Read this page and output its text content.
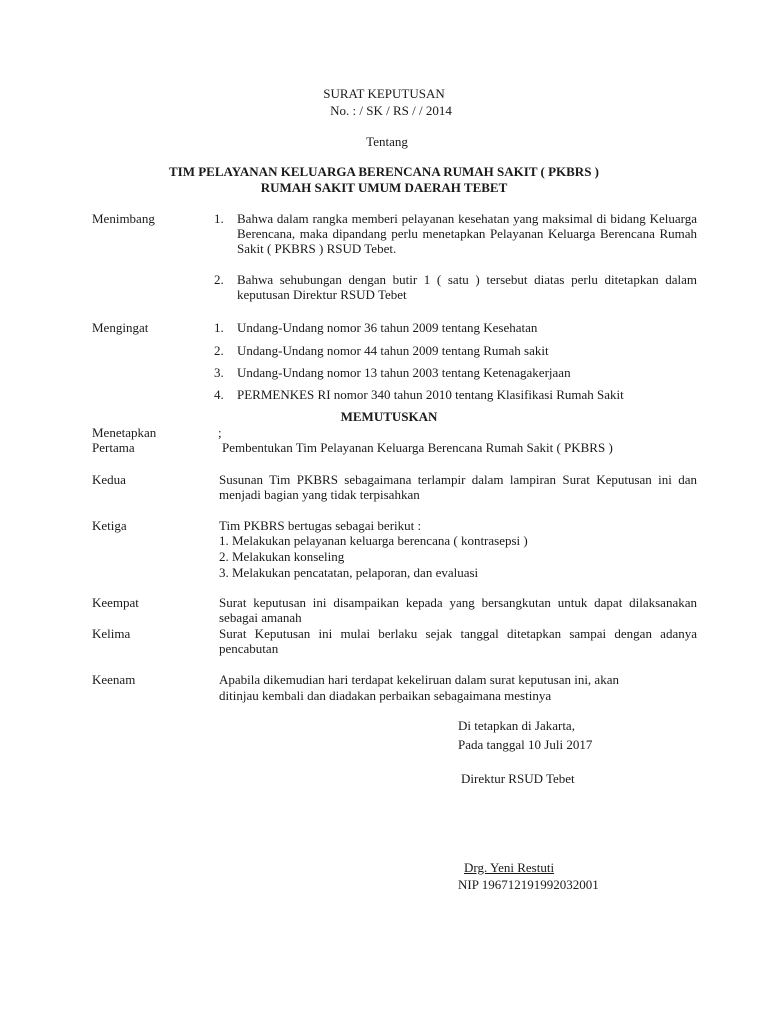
SURAT KEPUTUSAN
No. : / SK / RS / / 2014
Tentang
TIM PELAYANAN KELUARGA BERENCANA RUMAH SAKIT ( PKBRS )
RUMAH SAKIT UMUM DAERAH TEBET
Menimbang	1. Bahwa dalam rangka memberi pelayanan kesehatan yang maksimal di bidang Keluarga Berencana, maka dipandang perlu menetapkan Pelayanan Keluarga Berencana Rumah Sakit ( PKBRS ) RSUD Tebet.
2. Bahwa sehubungan dengan butir 1 ( satu ) tersebut diatas perlu ditetapkan dalam keputusan Direktur RSUD Tebet
Mengingat	1. Undang-Undang nomor 36 tahun 2009 tentang Kesehatan
2. Undang-Undang nomor 44 tahun 2009 tentang Rumah sakit
3. Undang-Undang nomor 13 tahun 2003 tentang Ketenagakerjaan
4. PERMENKES RI nomor 340 tahun 2010 tentang Klasifikasi Rumah Sakit
MEMUTUSKAN
Menetapkan	;
Pertama	Pembentukan Tim Pelayanan Keluarga Berencana Rumah Sakit ( PKBRS )
Kedua	Susunan Tim PKBRS sebagaimana terlampir dalam lampiran Surat Keputusan ini dan menjadi bagian yang tidak terpisahkan
Ketiga	Tim PKBRS bertugas sebagai berikut :
1. Melakukan pelayanan keluarga berencana ( kontrasepsi )
2. Melakukan konseling
3. Melakukan pencatatan, pelaporan, dan evaluasi
Keempat	Surat keputusan ini disampaikan kepada yang bersangkutan untuk dapat dilaksanakan sebagai amanah
Kelima	Surat Keputusan ini mulai berlaku sejak tanggal ditetapkan sampai dengan adanya pencabutan
Keenam	Apabila dikemudian hari terdapat kekeliruan dalam surat keputusan ini, akan
ditinjau kembali dan diadakan perbaikan sebagaimana mestinya
Di tetapkan di Jakarta,
Pada tanggal 10 Juli 2017
Direktur RSUD Tebet
Drg. Yeni Restuti
NIP 196712191992032001
